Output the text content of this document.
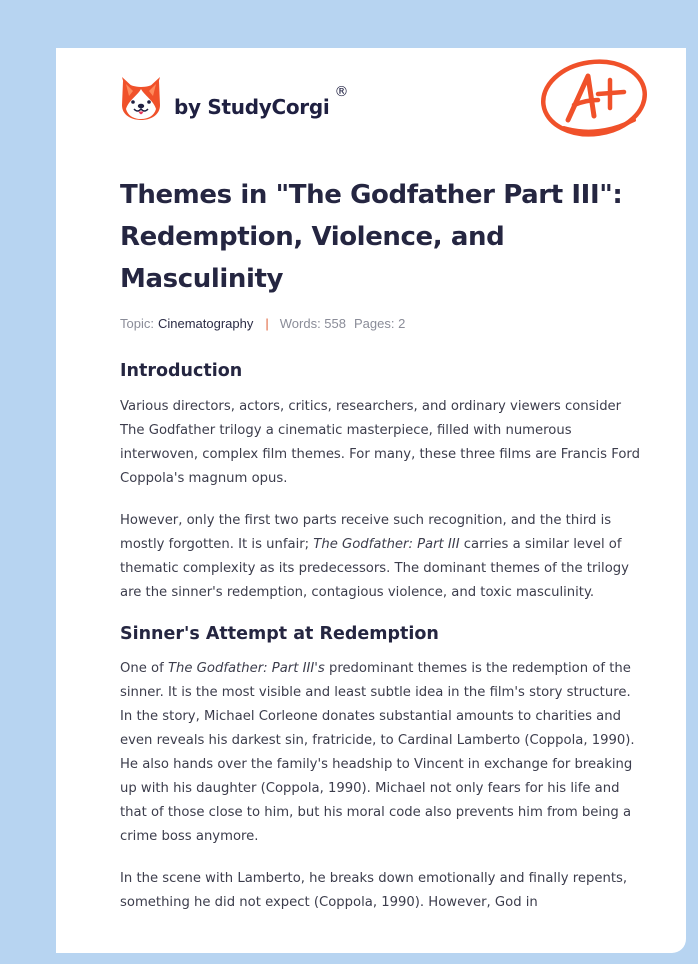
by StudyCorgi
®
Themes in "The Godfather Part III": Redemption, Violence, and Masculinity
Topic: Cinematography | Words: 558 Pages: 2
Introduction

Various directors, actors, critics, researchers, and ordinary viewers consider The Godfather trilogy a cinematic masterpiece, filled with numerous interwoven, complex film themes. For many, these three films are Francis Ford Coppola's magnum opus.

However, only the first two parts receive such recognition, and the third is mostly forgotten. It is unfair; The Godfather: Part III carries a similar level of thematic complexity as its predecessors. The dominant themes of the trilogy are the sinner's redemption, contagious violence, and toxic masculinity.

Sinner's Attempt at Redemption

One of The Godfather: Part III's predominant themes is the redemption of the sinner. It is the most visible and least subtle idea in the film's story structure. In the story, Michael Corleone donates substantial amounts to charities and even reveals his darkest sin, fratricide, to Cardinal Lamberto (Coppola, 1990). He also hands over the family's headship to Vincent in exchange for breaking up with his daughter (Coppola, 1990). Michael not only fears for his life and that of those close to him, but his moral code also prevents him from being a crime boss anymore.

In the scene with Lamberto, he breaks down emotionally and finally repents, something he did not expect (Coppola, 1990). However, God in
